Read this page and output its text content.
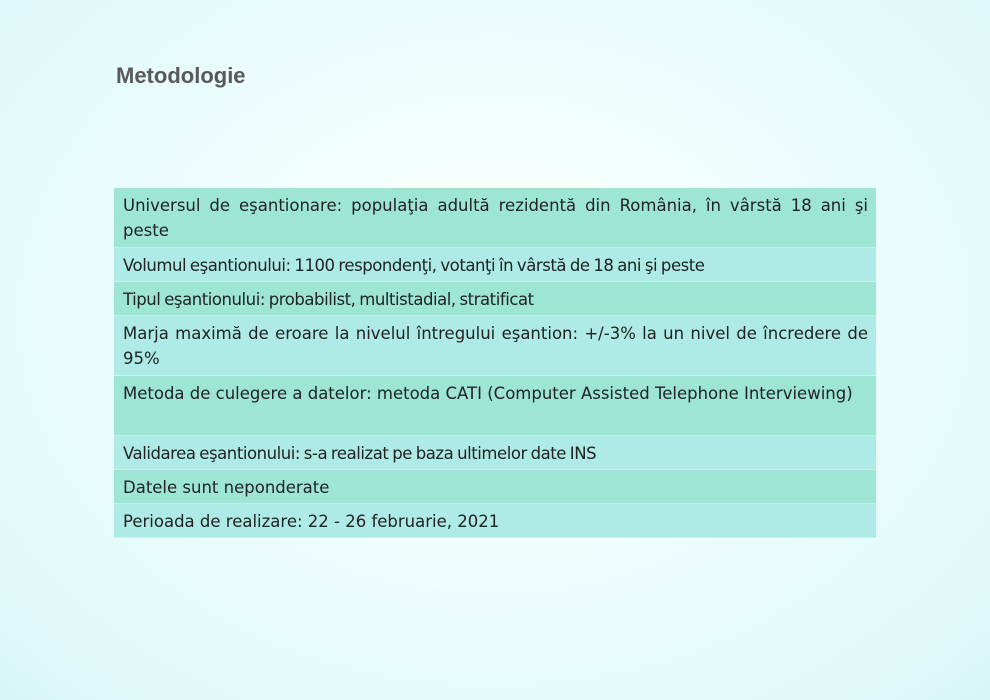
Metodologie
Universul de eşantionare: populaţia adultă rezidentă din România, în vârstă 18 ani şi peste
Volumul eşantionului: 1100 respondenţi, votanţi în vârstă de 18 ani şi peste
Tipul eşantionului: probabilist, multistadial, stratificat
Marja maximă de eroare la nivelul întregului eşantion: +/-3% la un nivel de încredere de 95%
Metoda de culegere a datelor: metoda CATI (Computer Assisted Telephone Interviewing)
Validarea eşantionului: s-a realizat pe baza ultimelor date INS
Datele sunt neponderate
Perioada de realizare: 22 - 26 februarie, 2021
